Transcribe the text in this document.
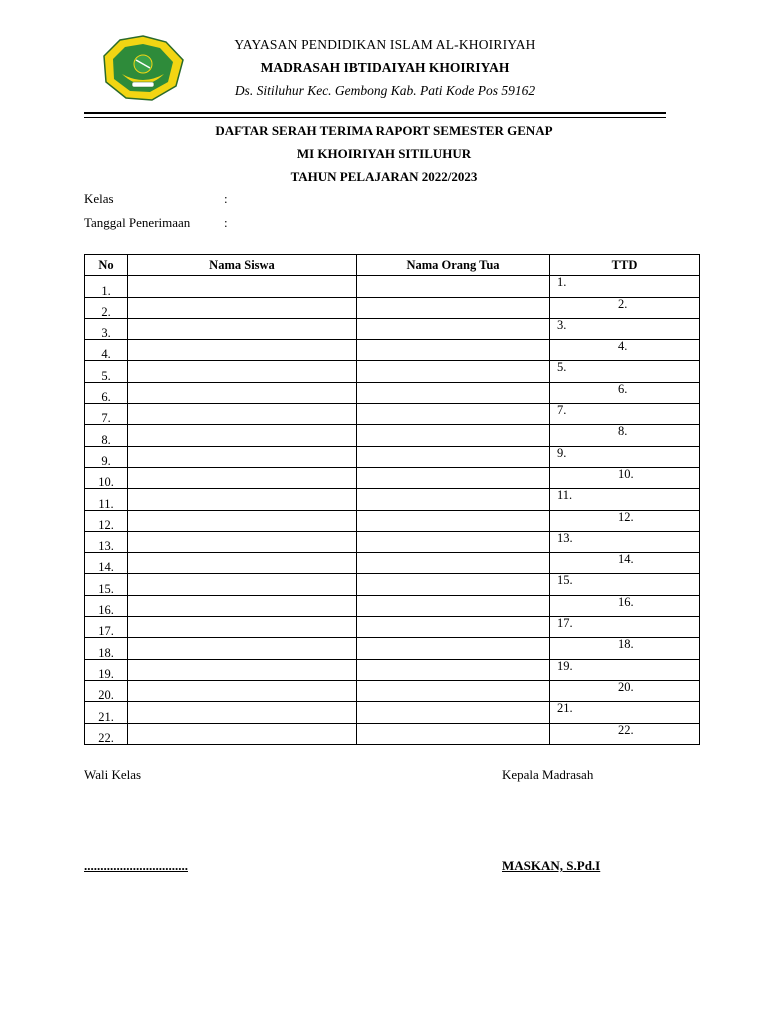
YAYASAN PENDIDIKAN ISLAM AL-KHOIRIYAH
MADRASAH IBTIDAIYAH KHOIRIYAH
Ds. Sitiluhur Kec. Gembong Kab. Pati Kode Pos 59162
DAFTAR SERAH TERIMA RAPORT SEMESTER GENAP
MI KHOIRIYAH SITILUHUR
TAHUN PELAJARAN 2022/2023
Kelas	:
Tanggal Penerimaan	:
No	Nama Siswa	Nama Orang Tua	TTD
1.			1.

2.			2.

3.			3.

4.			4.

5.			5.

6.			6.

7.			7.

8.			8.

9.			9.

10.			10.

11.			11.

12.			12.

13.			13.

14.			14.

15.			15.

16.			16.

17.			17.

18.			18.

19.			19.

20.			20.

21.			21.

22.			22.
Wali Kelas	Kepala Madrasah
................................	MASKAN, S.Pd.I
